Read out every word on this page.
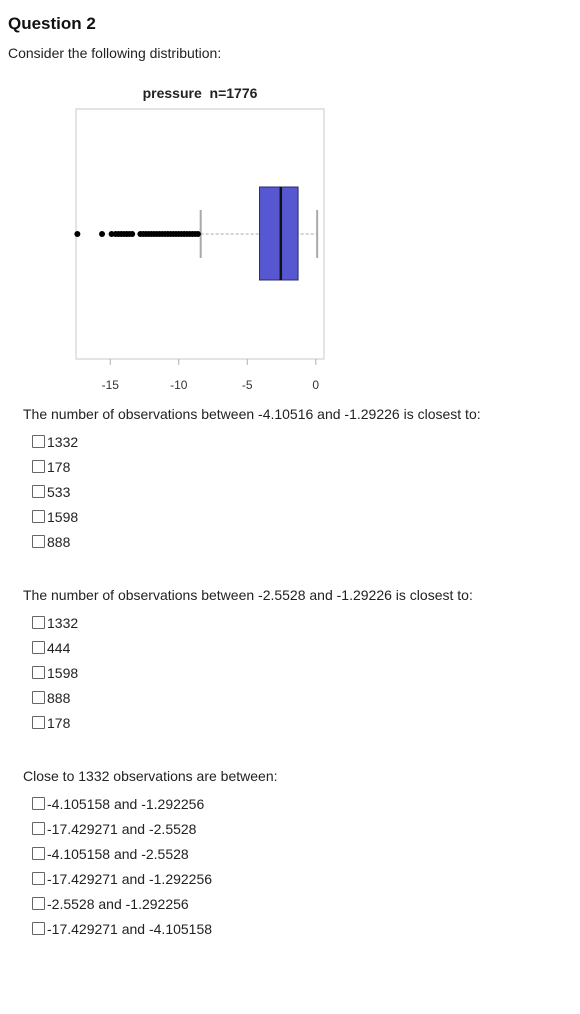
Question 2
Consider the following distribution:
pressure  n=1776
-15	-10	-5	0
The number of observations between -4.10516 and -1.29226 is closest to:
1332
178
533
1598
888
The number of observations between -2.5528 and -1.29226 is closest to:
1332
444
1598
888
178
Close to 1332 observations are between:
-4.105158 and -1.292256
-17.429271 and -2.5528
-4.105158 and -2.5528
-17.429271 and -1.292256
-2.5528 and -1.292256
-17.429271 and -4.105158
